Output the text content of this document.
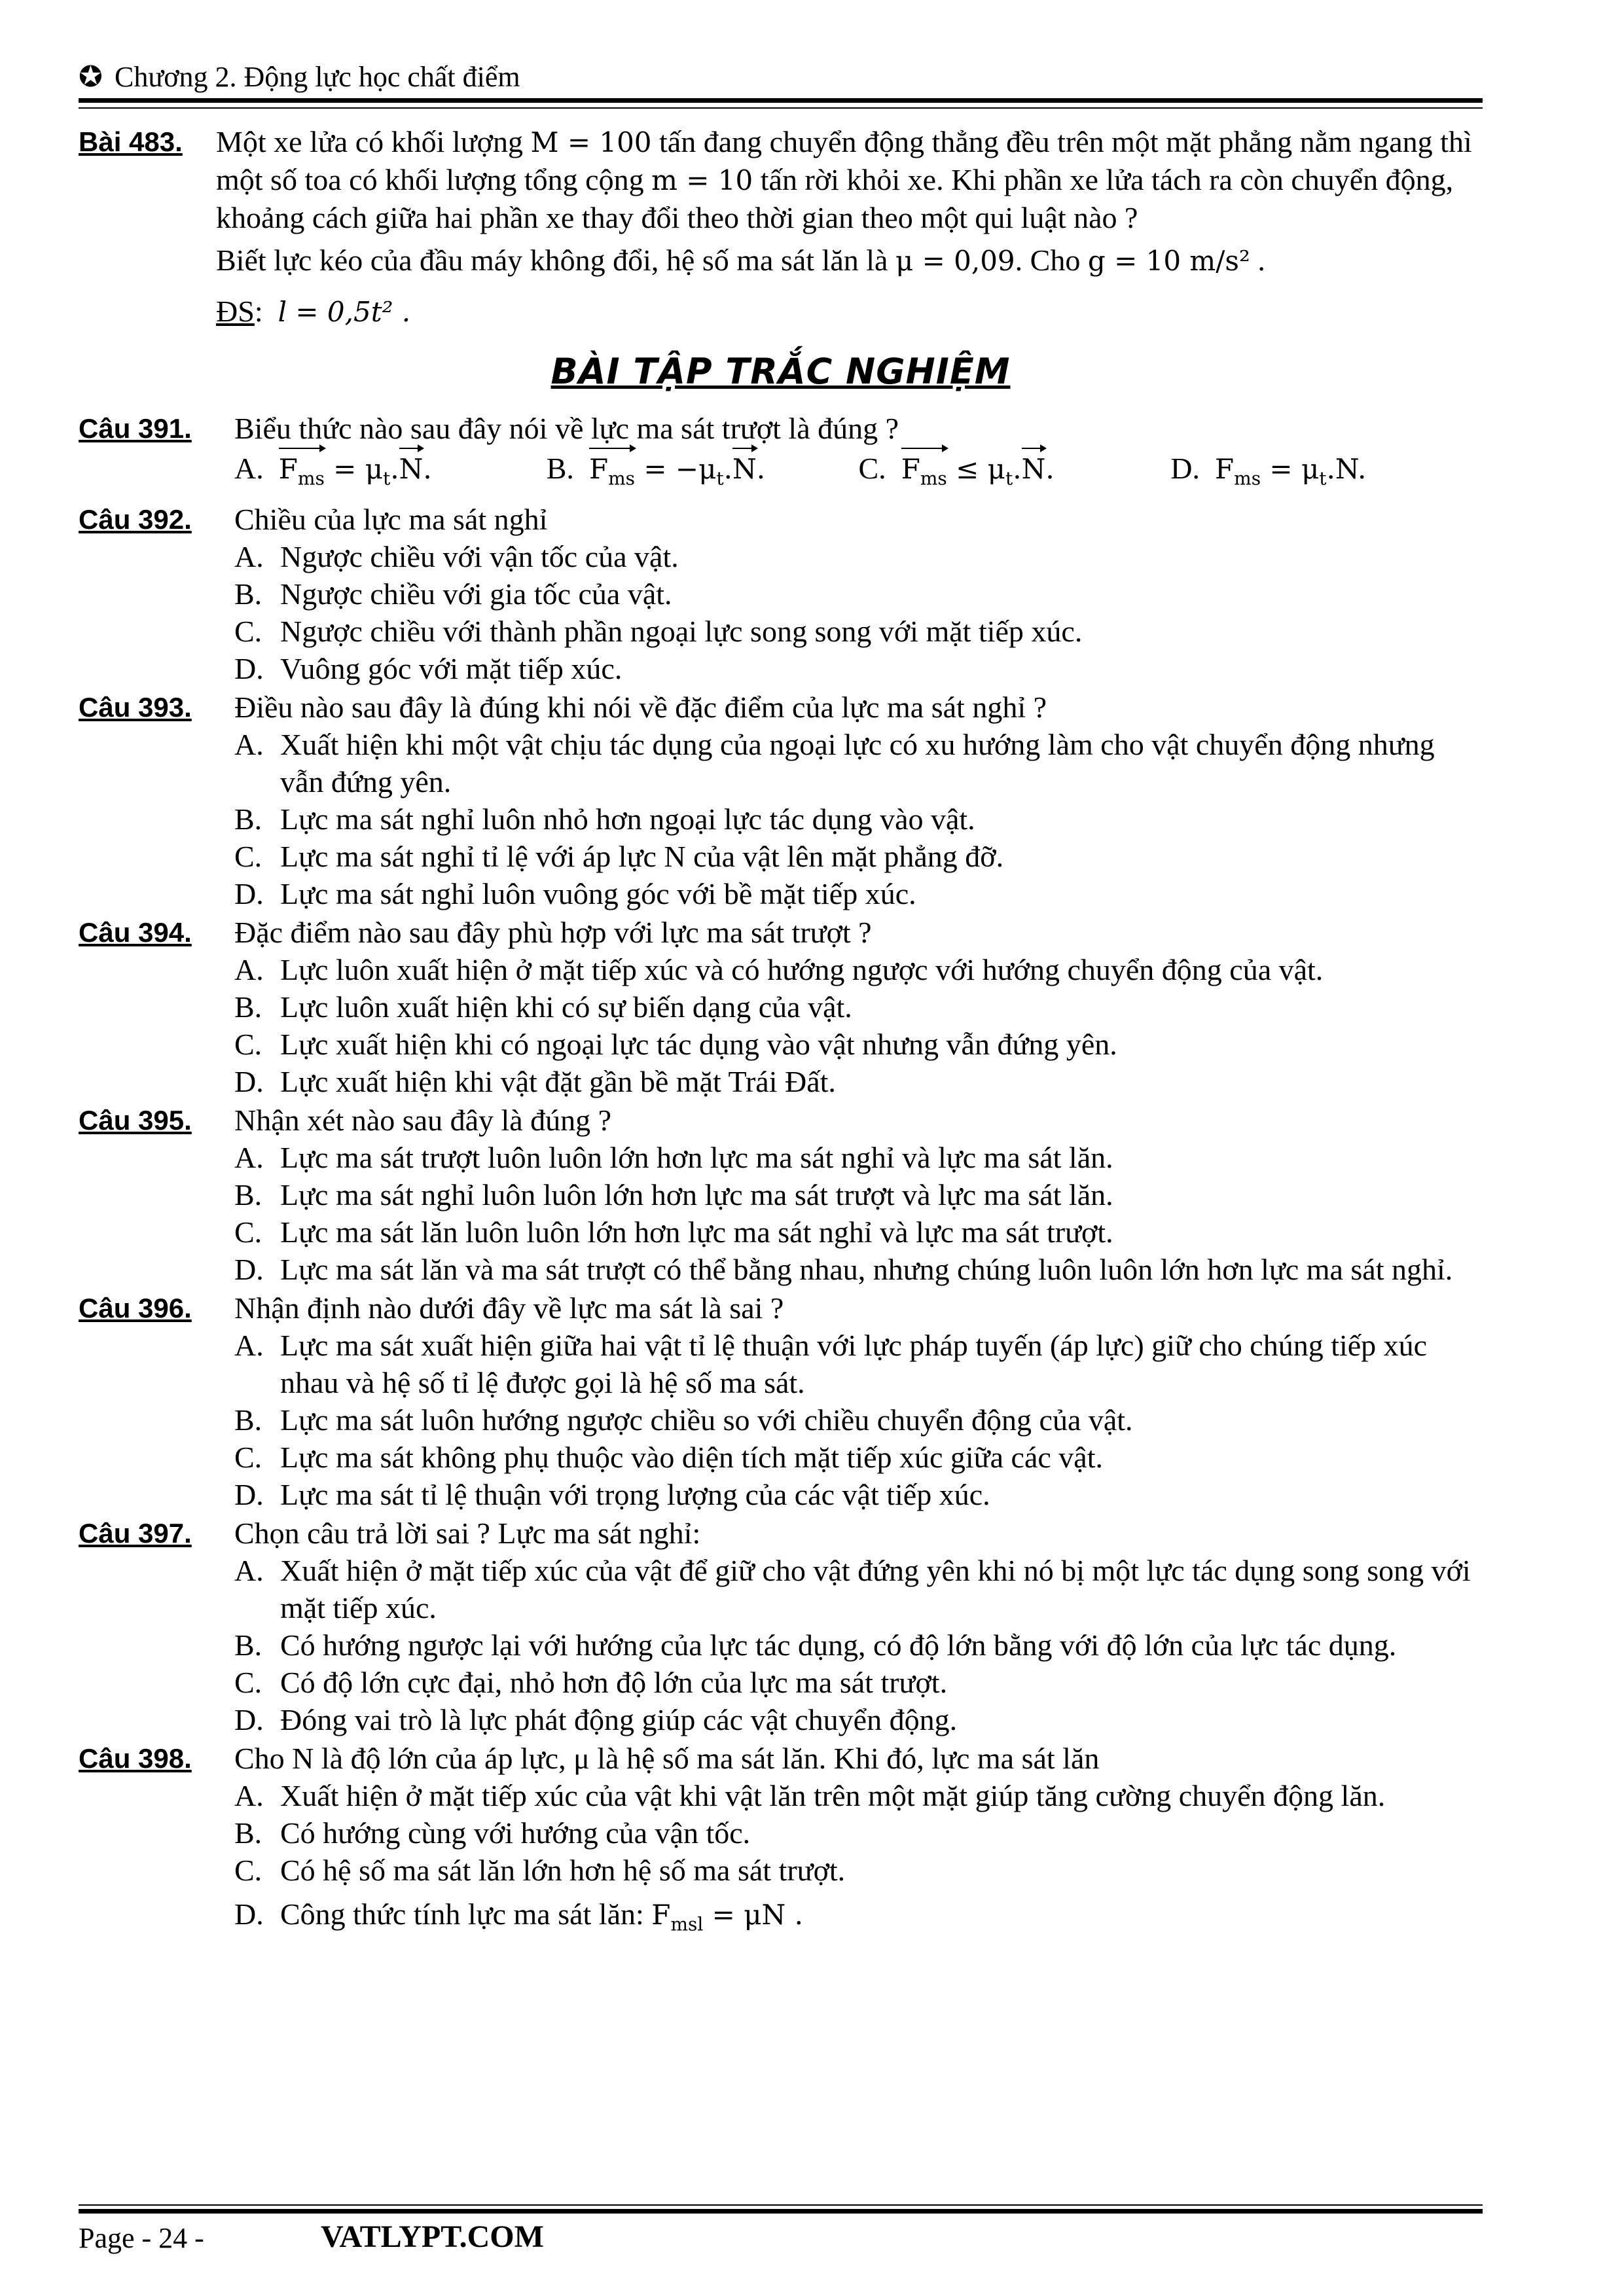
✪ Chương 2. Động lực học chất điểm
Bài 483.	Một xe lửa có khối lượng M = 100 tấn đang chuyển động thẳng đều trên một mặt phẳng nằm ngang thì một số toa có khối lượng tổng cộng m = 10 tấn rời khỏi xe. Khi phần xe lửa tách ra còn chuyển động, khoảng cách giữa hai phần xe thay đổi theo thời gian theo một qui luật nào ?
Biết lực kéo của đầu máy không đổi, hệ số ma sát lăn là μ = 0,09. Cho g = 10 m/s² .
ĐS: l = 0,5t² .
BÀI TẬP TRẮC NGHIỆM
Câu 391.	Biểu thức nào sau đây nói về lực ma sát trượt là đúng ?
A. $F_{ms} = \mu_t.N$.	B. $F_{ms} = -\mu_t.N$.	C. $F_{ms} \le \mu_t.N$.	D. $F_{ms} = \mu_t.N$.
Câu 392.	Chiều của lực ma sát nghỉ
A. Ngược chiều với vận tốc của vật.
B. Ngược chiều với gia tốc của vật.
C. Ngược chiều với thành phần ngoại lực song song với mặt tiếp xúc.
D. Vuông góc với mặt tiếp xúc.
Câu 393.	Điều nào sau đây là đúng khi nói về đặc điểm của lực ma sát nghỉ ?
A. Xuất hiện khi một vật chịu tác dụng của ngoại lực có xu hướng làm cho vật chuyển động nhưng vẫn đứng yên.
B. Lực ma sát nghỉ luôn nhỏ hơn ngoại lực tác dụng vào vật.
C. Lực ma sát nghỉ tỉ lệ với áp lực N của vật lên mặt phẳng đỡ.
D. Lực ma sát nghỉ luôn vuông góc với bề mặt tiếp xúc.
Câu 394.	Đặc điểm nào sau đây phù hợp với lực ma sát trượt ?
A. Lực luôn xuất hiện ở mặt tiếp xúc và có hướng ngược với hướng chuyển động của vật.
B. Lực luôn xuất hiện khi có sự biến dạng của vật.
C. Lực xuất hiện khi có ngoại lực tác dụng vào vật nhưng vẫn đứng yên.
D. Lực xuất hiện khi vật đặt gần bề mặt Trái Đất.
Câu 395.	Nhận xét nào sau đây là đúng ?
A. Lực ma sát trượt luôn luôn lớn hơn lực ma sát nghỉ và lực ma sát lăn.
B. Lực ma sát nghỉ luôn luôn lớn hơn lực ma sát trượt và lực ma sát lăn.
C. Lực ma sát lăn luôn luôn lớn hơn lực ma sát nghỉ và lực ma sát trượt.
D. Lực ma sát lăn và ma sát trượt có thể bằng nhau, nhưng chúng luôn luôn lớn hơn lực ma sát nghỉ.
Câu 396.	Nhận định nào dưới đây về lực ma sát là sai ?
A. Lực ma sát xuất hiện giữa hai vật tỉ lệ thuận với lực pháp tuyến (áp lực) giữ cho chúng tiếp xúc nhau và hệ số tỉ lệ được gọi là hệ số ma sát.
B. Lực ma sát luôn hướng ngược chiều so với chiều chuyển động của vật.
C. Lực ma sát không phụ thuộc vào diện tích mặt tiếp xúc giữa các vật.
D. Lực ma sát tỉ lệ thuận với trọng lượng của các vật tiếp xúc.
Câu 397.	Chọn câu trả lời sai ? Lực ma sát nghỉ:
A. Xuất hiện ở mặt tiếp xúc của vật để giữ cho vật đứng yên khi nó bị một lực tác dụng song song với mặt tiếp xúc.
B. Có hướng ngược lại với hướng của lực tác dụng, có độ lớn bằng với độ lớn của lực tác dụng.
C. Có độ lớn cực đại, nhỏ hơn độ lớn của lực ma sát trượt.
D. Đóng vai trò là lực phát động giúp các vật chuyển động.
Câu 398.	Cho N là độ lớn của áp lực, μ là hệ số ma sát lăn. Khi đó, lực ma sát lăn
A. Xuất hiện ở mặt tiếp xúc của vật khi vật lăn trên một mặt giúp tăng cường chuyển động lăn.
B. Có hướng cùng với hướng của vận tốc.
C. Có hệ số ma sát lăn lớn hơn hệ số ma sát trượt.
D. Công thức tính lực ma sát lăn: $F_{msl} = \mu N$ .
Page - 24 -	VATLYPT.COM
